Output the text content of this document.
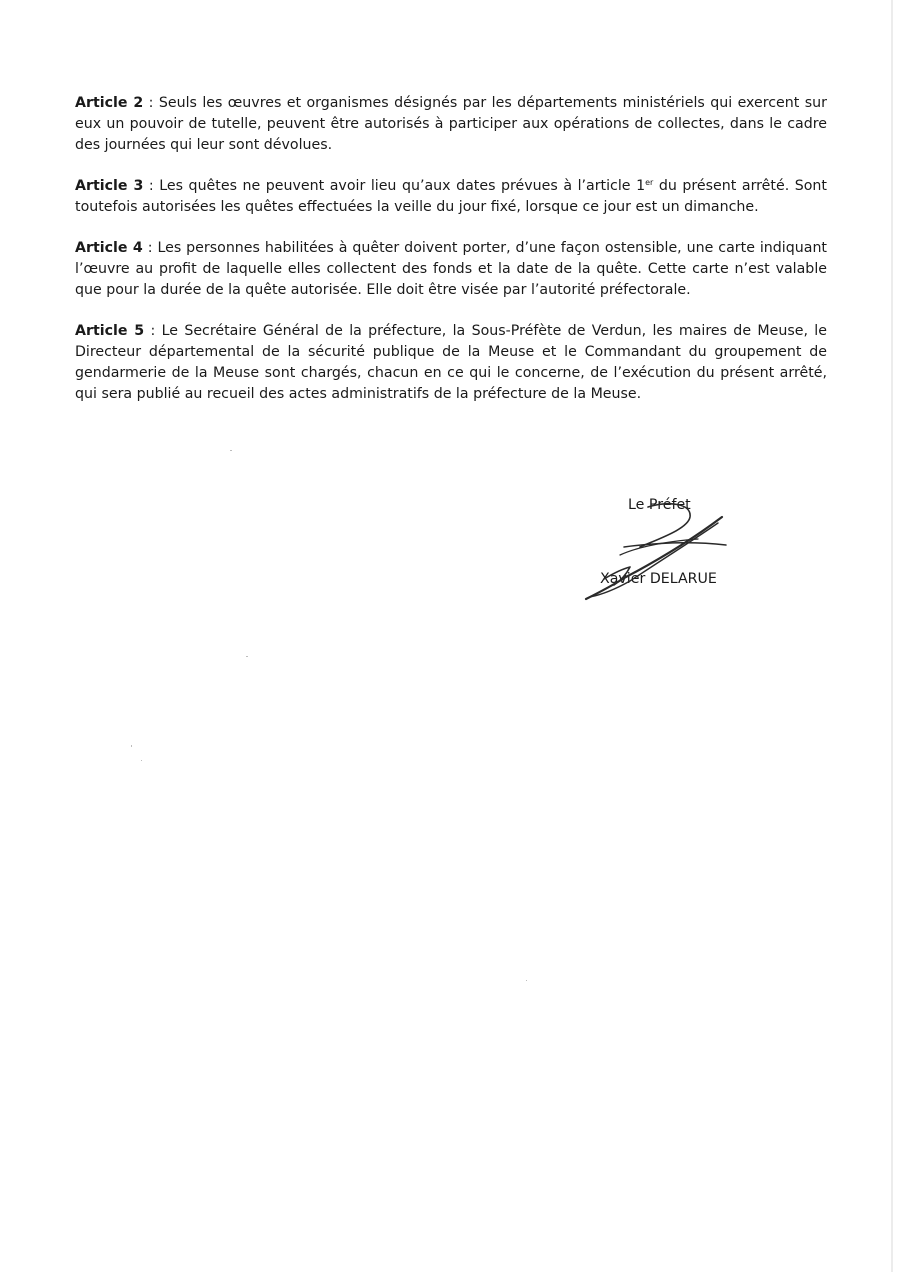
Article 2 : Seuls les œuvres et organismes désignés par les départements ministériels qui exercent sur eux un pouvoir de tutelle, peuvent être autorisés à participer aux opérations de collectes, dans le cadre des journées qui leur sont dévolues.

Article 3 : Les quêtes ne peuvent avoir lieu qu’aux dates prévues à l’article 1er du présent arrêté. Sont toutefois autorisées les quêtes effectuées la veille du jour fixé, lorsque ce jour est un dimanche.

Article 4 : Les personnes habilitées à quêter doivent porter, d’une façon ostensible, une carte indiquant l’œuvre au profit de laquelle elles collectent des fonds et la date de la quête. Cette carte n’est valable que pour la durée de la quête autorisée. Elle doit être visée par l’autorité préfectorale.

Article 5 : Le Secrétaire Général de la préfecture, la Sous-Préfète de Verdun, les maires de Meuse, le Directeur départemental de la sécurité publique de la Meuse et le Commandant du groupement de gendarmerie de la Meuse sont chargés, chacun en ce qui le concerne, de l’exécution du présent arrêté, qui sera publié au recueil des actes administratifs de la préfecture de la Meuse.

Le Préfet
Xavier DELARUE
